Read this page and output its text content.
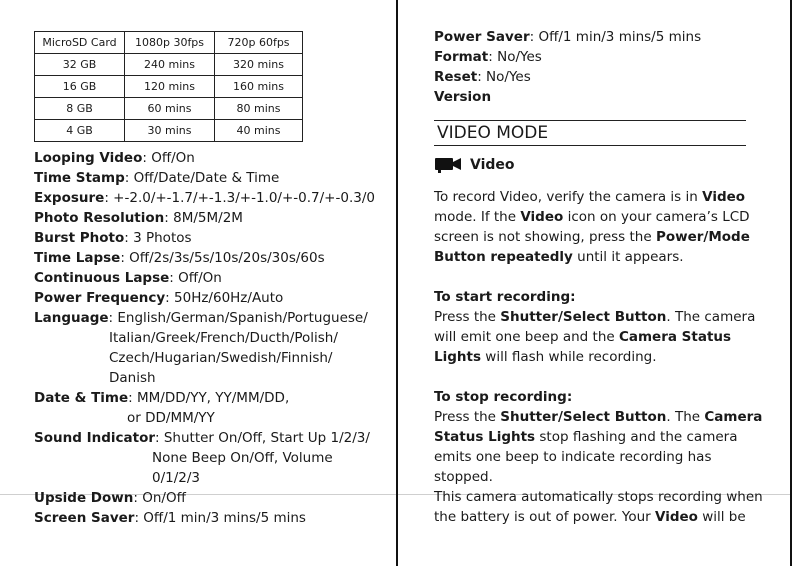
MicroSD Card	1080p 30fps	720p 60fps
32 GB	240 mins	320 mins
16 GB	120 mins	160 mins
8 GB	60 mins	80 mins
4 GB	30 mins	40 mins
Looping Video: Off/On
Time Stamp: Off/Date/Date & Time
Exposure: +-2.0/+-1.7/+-1.3/+-1.0/+-0.7/+-0.3/0
Photo Resolution: 8M/5M/2M
Burst Photo: 3 Photos
Time Lapse: Off/2s/3s/5s/10s/20s/30s/60s
Continuous Lapse: Off/On
Power Frequency: 50Hz/60Hz/Auto
Language: English/German/Spanish/Portuguese/
Italian/Greek/French/Ducth/Polish/
Czech/Hugarian/Swedish/Finnish/
Danish
Date & Time: MM/DD/YY, YY/MM/DD,
or DD/MM/YY
Sound Indicator: Shutter On/Off, Start Up 1/2/3/
None Beep On/Off, Volume
0/1/2/3
Upside Down: On/Off
Screen Saver: Off/1 min/3 mins/5 mins
Power Saver: Off/1 min/3 mins/5 mins
Format: No/Yes
Reset: No/Yes
Version
VIDEO MODE
Video
To record Video, verify the camera is in Video
mode. If the Video icon on your camera’s LCD
screen is not showing, press the Power/Mode
Button repeatedly until it appears.
To start recording:
Press the Shutter/Select Button. The camera
will emit one beep and the Camera Status
Lights will flash while recording.
To stop recording:
Press the Shutter/Select Button. The Camera
Status Lights stop flashing and the camera
emits one beep to indicate recording has
stopped.
This camera automatically stops recording when
the battery is out of power. Your Video will be
